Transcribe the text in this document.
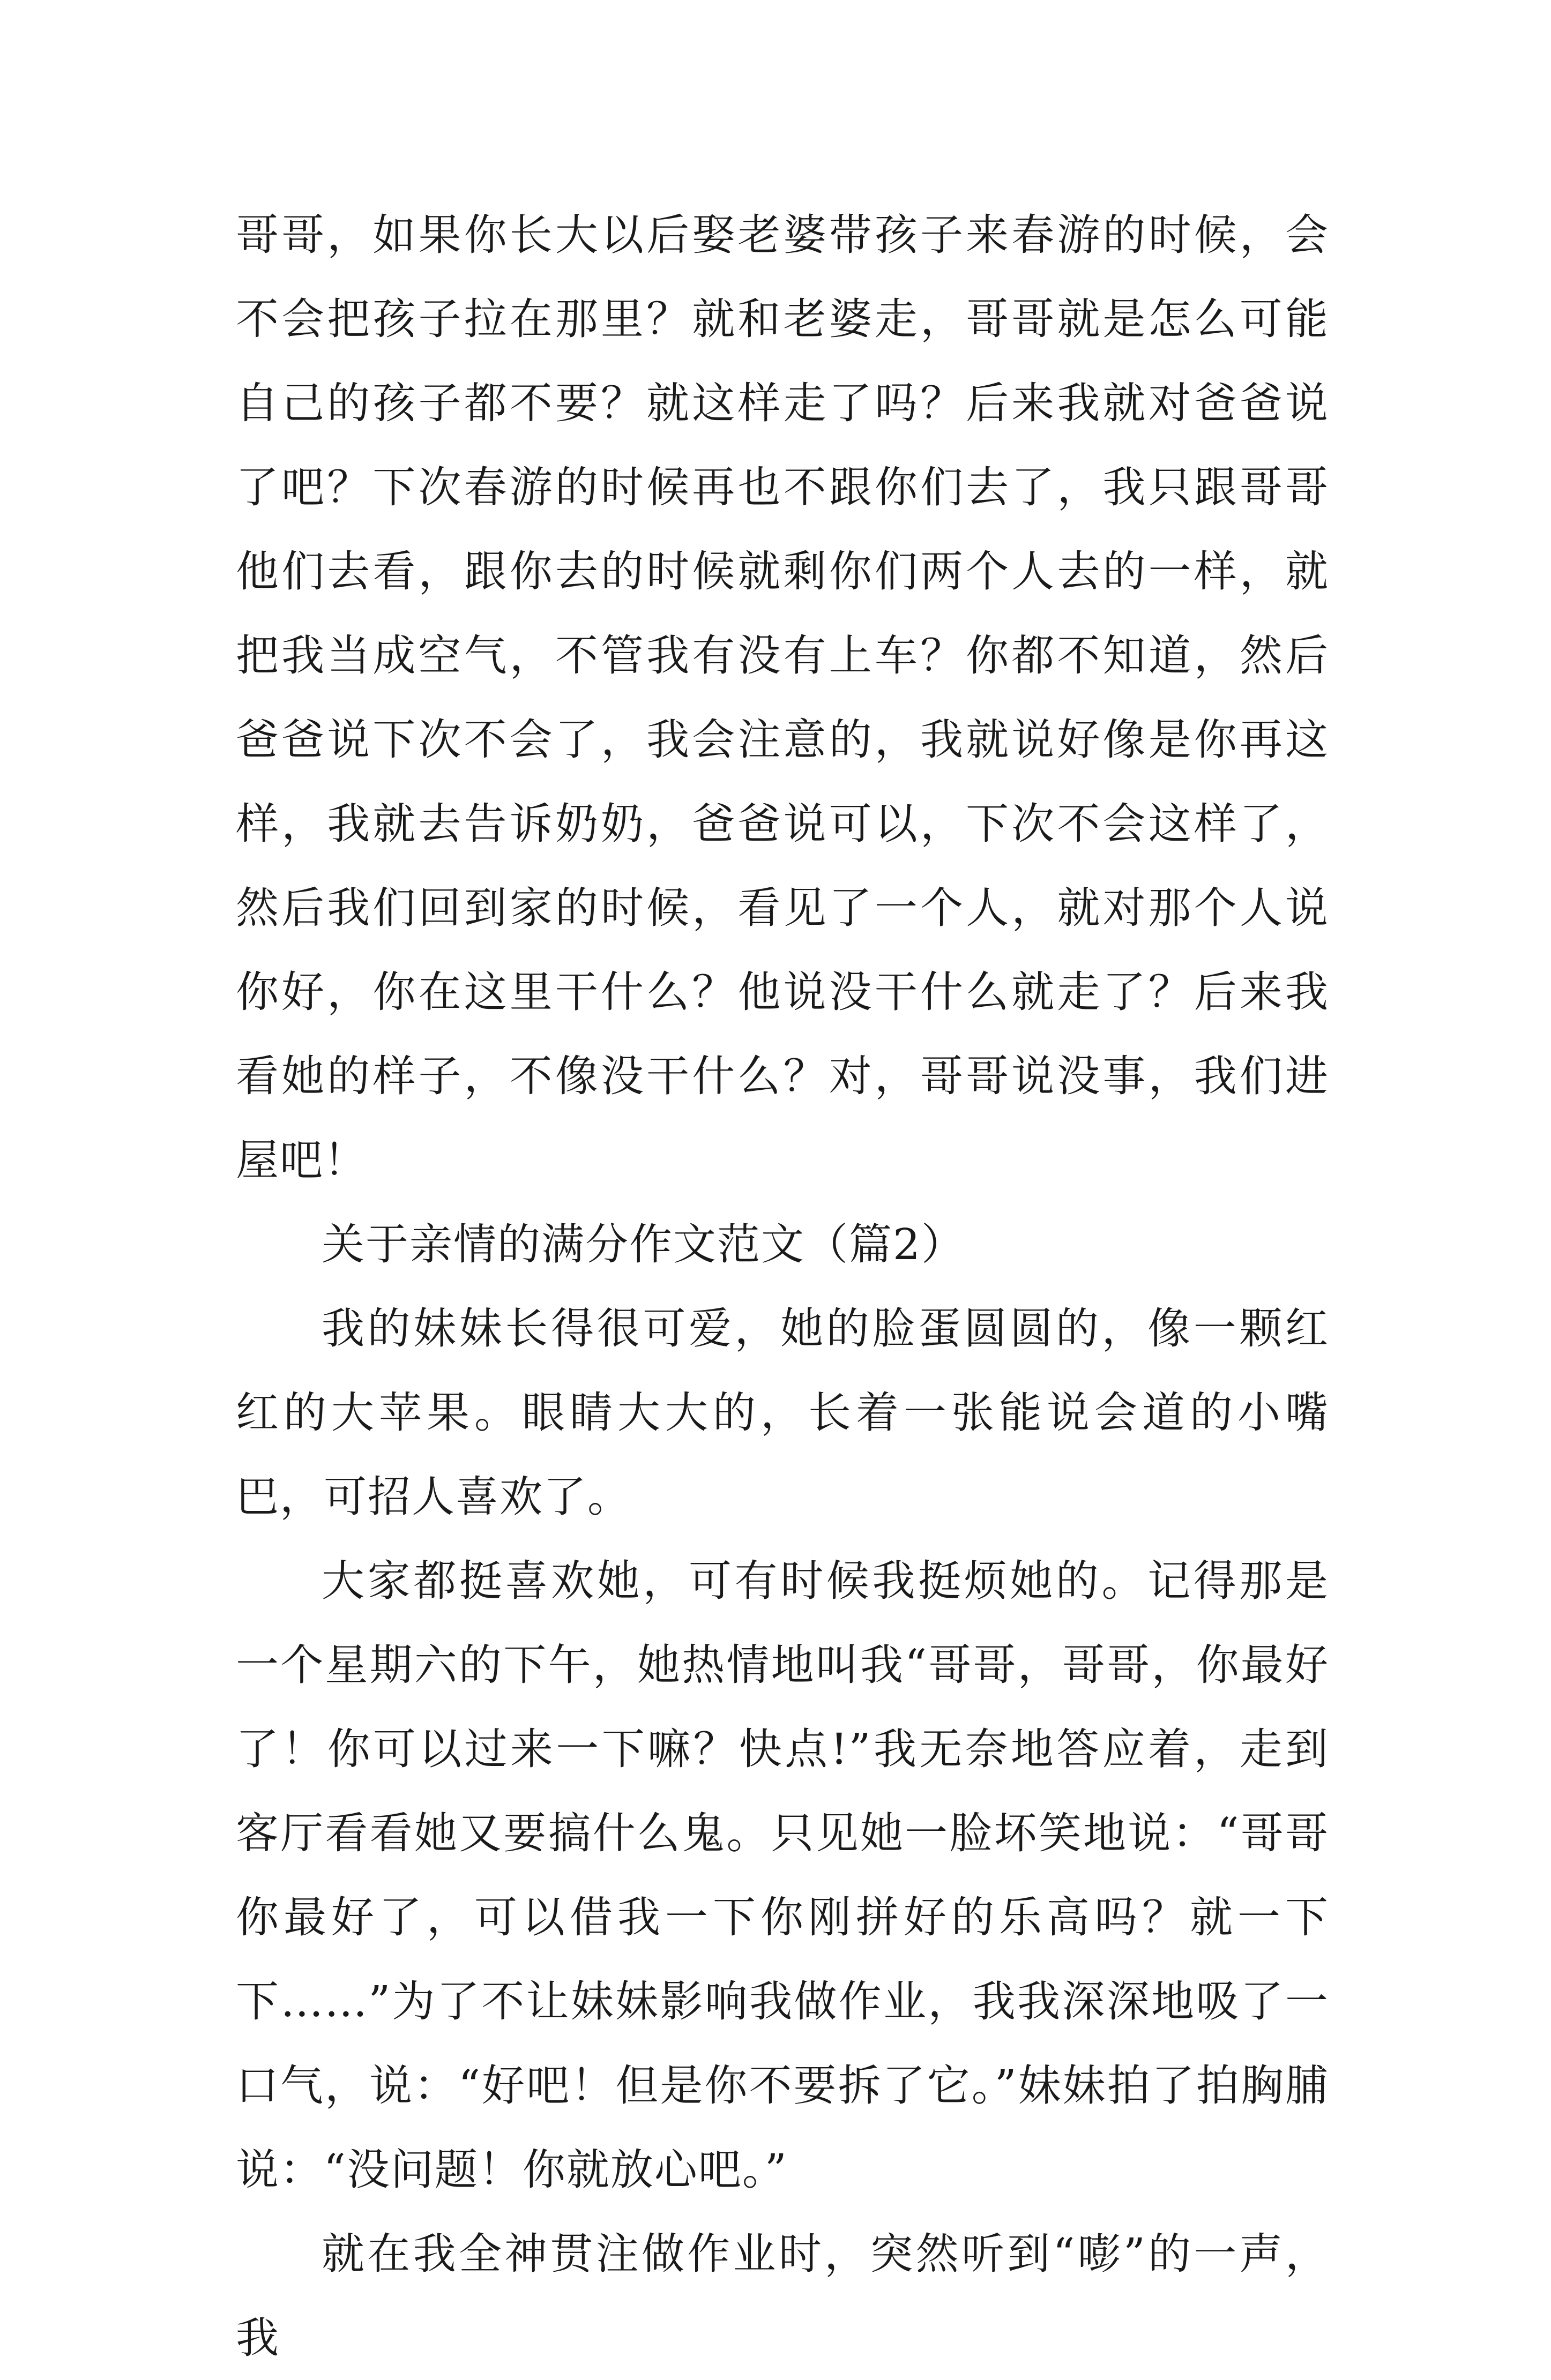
哥哥，如果你长大以后娶老婆带孩子来春游的时候，会不会把孩子拉在那里？就和老婆走，哥哥就是怎么可能自己的孩子都不要？就这样走了吗？后来我就对爸爸说了吧？下次春游的时候再也不跟你们去了，我只跟哥哥他们去看，跟你去的时候就剩你们两个人去的一样，就把我当成空气，不管我有没有上车？你都不知道，然后爸爸说下次不会了，我会注意的，我就说好像是你再这样，我就去告诉奶奶，爸爸说可以，下次不会这样了，然后我们回到家的时候，看见了一个人，就对那个人说你好，你在这里干什么？他说没干什么就走了？后来我看她的样子，不像没干什么？对，哥哥说没事，我们进屋吧！

关于亲情的满分作文范文（篇2）

我的妹妹长得很可爱，她的脸蛋圆圆的，像一颗红红的大苹果。眼睛大大的，长着一张能说会道的小嘴巴，可招人喜欢了。

大家都挺喜欢她，可有时候我挺烦她的。记得那是一个星期六的下午，她热情地叫我“哥哥，哥哥，你最好了！你可以过来一下嘛？快点!”我无奈地答应着，走到客厅看看她又要搞什么鬼。只见她一脸坏笑地说：“哥哥你最好了，可以借我一下你刚拼好的乐高吗？就一下下……”为了不让妹妹影响我做作业，我我深深地吸了一口气，说：“好吧！但是你不要拆了它。”妹妹拍了拍胸脯说：“没问题！你就放心吧。”

就在我全神贯注做作业时，突然听到“嘭”的一声，我
